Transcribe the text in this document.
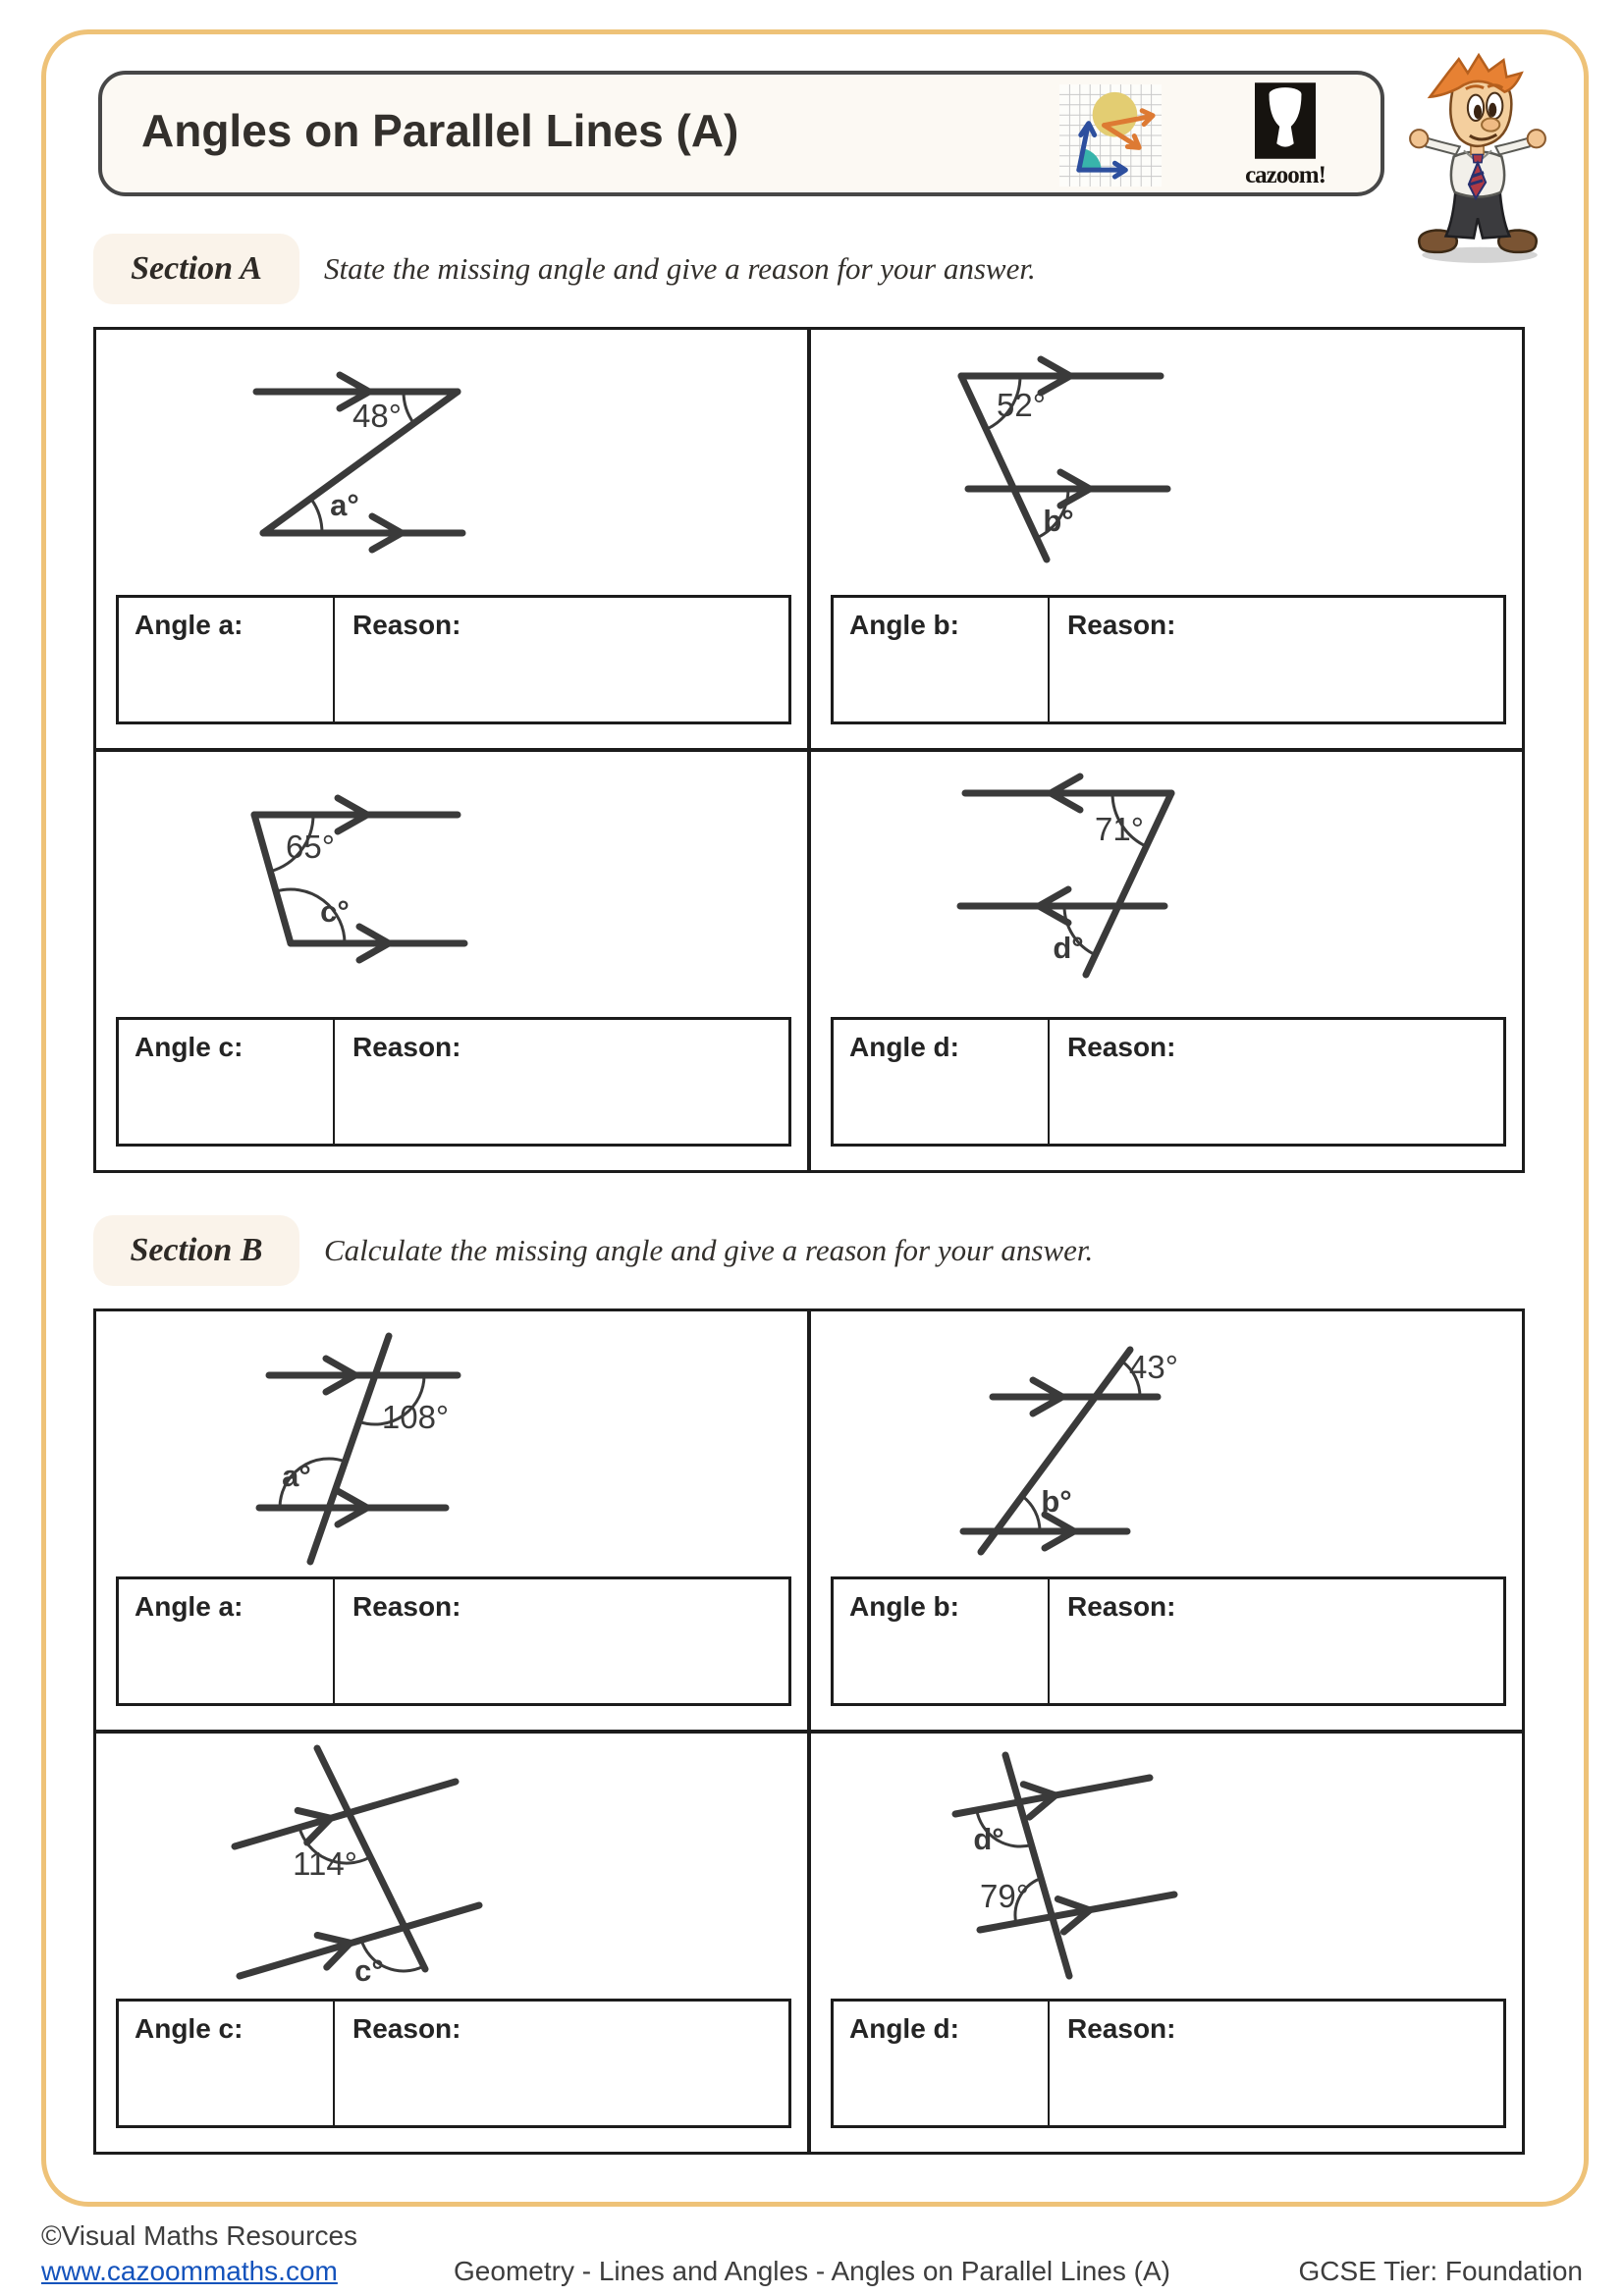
Angles on Parallel Lines (A)
cazoom!
Section A State the missing angle and give a reason for your answer.
48°
a°
Angle a:	Reason:
52°
b°
Angle b:	Reason:
65°
c°
Angle c:	Reason:
71°
d°
Angle d:	Reason:
Section B Calculate the missing angle and give a reason for your answer.
108°
a°
Angle a:	Reason:
43°
b°
Angle b:	Reason:
114°
c°
Angle c:	Reason:
d°
79°
Angle d:	Reason:
©Visual Maths Resources
www.cazoommaths.com	Geometry - Lines and Angles - Angles on Parallel Lines (A)	GCSE Tier: Foundation
